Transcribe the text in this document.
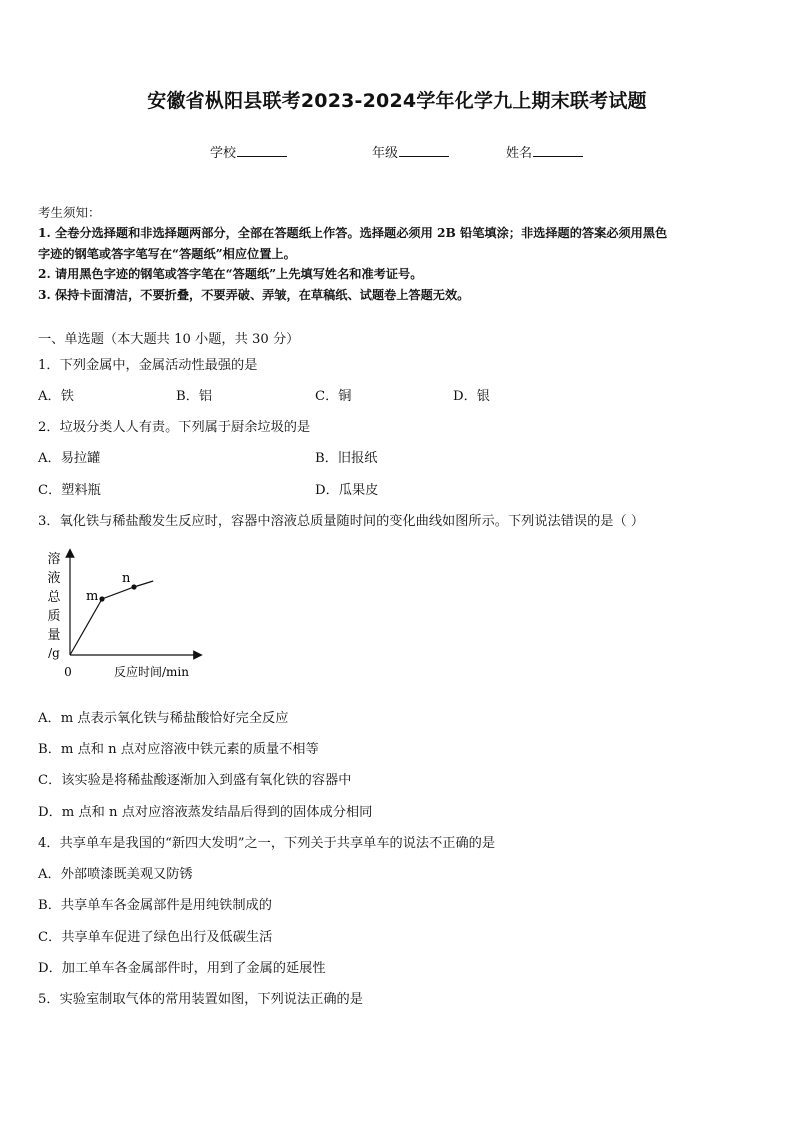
安徽省枞阳县联考2023-2024学年化学九上期末联考试题
学校	年级	姓名
考生须知：
1. 全卷分选择题和非选择题两部分，全部在答题纸上作答。选择题必须用 2B 铅笔填涂；非选择题的答案必须用黑色
字迹的钢笔或答字笔写在“答题纸”相应位置上。
2. 请用黑色字迹的钢笔或答字笔在“答题纸”上先填写姓名和准考证号。
3. 保持卡面清洁，不要折叠，不要弄破、弄皱，在草稿纸、试题卷上答题无效。
一、单选题（本大题共 10 小题，共 30 分）
1．下列金属中，金属活动性最强的是
A．铁	B．铝	C．铜	D．银
2．垃圾分类人人有责。下列属于厨余垃圾的是
A．易拉罐	B．旧报纸
C．塑料瓶	D．瓜果皮
3．氧化铁与稀盐酸发生反应时，容器中溶液总质量随时间的变化曲线如图所示。下列说法错误的是（ ）
溶
液
总
质
量
/g
0	反应时间/min
m
n
A．m 点表示氧化铁与稀盐酸恰好完全反应
B．m 点和 n 点对应溶液中铁元素的质量不相等
C．该实验是将稀盐酸逐渐加入到盛有氧化铁的容器中
D．m 点和 n 点对应溶液蒸发结晶后得到的固体成分相同
4．共享单车是我国的“新四大发明”之一，下列关于共享单车的说法不正确的是
A．外部喷漆既美观又防锈
B．共享单车各金属部件是用纯铁制成的
C．共享单车促进了绿色出行及低碳生活
D．加工单车各金属部件时，用到了金属的延展性
5．实验室制取气体的常用装置如图，下列说法正确的是
